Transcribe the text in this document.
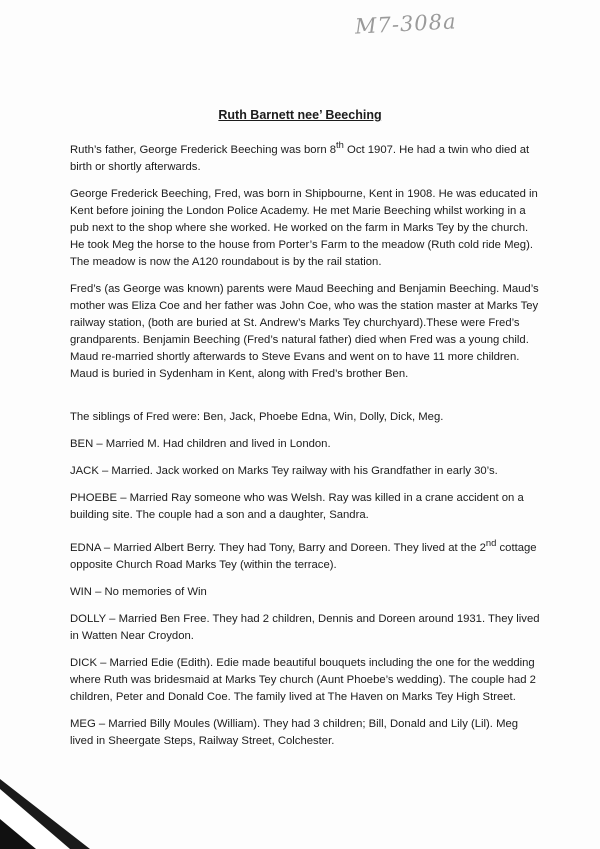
M7-308a
Ruth Barnett nee’ Beeching

Ruth’s father, George Frederick Beeching was born 8th Oct 1907. He had a twin who died at birth or shortly afterwards.

George Frederick Beeching, Fred, was born in Shipbourne, Kent in 1908. He was educated in Kent before joining the London Police Academy. He met Marie Beeching whilst working in a pub next to the shop where she worked. He worked on the farm in Marks Tey by the church. He took Meg the horse to the house from Porter’s Farm to the meadow (Ruth cold ride Meg). The meadow is now the A120 roundabout is by the rail station.

Fred’s (as George was known) parents were Maud Beeching and Benjamin Beeching. Maud’s mother was Eliza Coe and her father was John Coe, who was the station master at Marks Tey railway station, (both are buried at St. Andrew’s Marks Tey churchyard).These were Fred’s grandparents. Benjamin Beeching (Fred’s natural father) died when Fred was a young child. Maud re-married shortly afterwards to Steve Evans and went on to have 11 more children. Maud is buried in Sydenham in Kent, along with Fred’s brother Ben.

The siblings of Fred were: Ben, Jack, Phoebe Edna, Win, Dolly, Dick, Meg.

BEN – Married M. Had children and lived in London.

JACK – Married. Jack worked on Marks Tey railway with his Grandfather in early 30’s.

PHOEBE – Married Ray someone who was Welsh. Ray was killed in a crane accident on a building site. The couple had a son and a daughter, Sandra.

EDNA – Married Albert Berry. They had Tony, Barry and Doreen. They lived at the 2nd cottage opposite Church Road Marks Tey (within the terrace).

WIN – No memories of Win

DOLLY – Married Ben Free. They had 2 children, Dennis and Doreen around 1931. They lived in Watten Near Croydon.

DICK – Married Edie (Edith). Edie made beautiful bouquets including the one for the wedding where Ruth was bridesmaid at Marks Tey church (Aunt Phoebe’s wedding). The couple had 2 children, Peter and Donald Coe. The family lived at The Haven on Marks Tey High Street.

MEG – Married Billy Moules (William). They had 3 children; Bill, Donald and Lily (Lil). Meg lived in Sheergate Steps, Railway Street, Colchester.
